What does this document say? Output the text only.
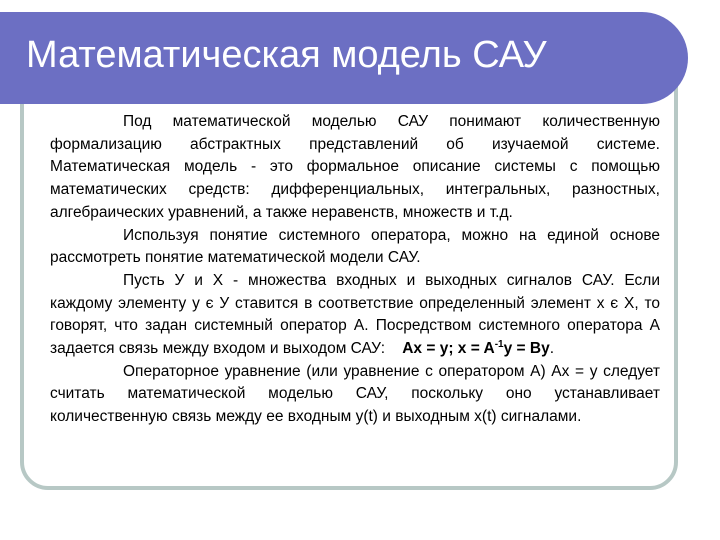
Математическая модель САУ

Под математической моделью САУ понимают количественную формализацию абстрактных представлений об изучаемой системе. Математическая модель - это формальное описание системы с помощью математических средств: дифференциальных, интегральных, разностных, алгебраических уравнений, а также неравенств, множеств и т.д.

Используя понятие системного оператора, можно на единой основе рассмотреть понятие математической модели САУ.

Пусть У и Х - множества входных и выходных сигналов САУ. Если каждому элементу у є У ставится в соответствие определенный элемент х є Х, то говорят, что задан системный оператор А. Посредством системного оператора А задается связь между входом и выходом САУ: Ax = y; $x = A^{-1}y = By$.

Операторное уравнение (или уравнение с оператором А) Ах = у следует считать математической моделью САУ, поскольку оно устанавливает количественную связь между ее входным у(t) и выходным x(t) сигналами.
